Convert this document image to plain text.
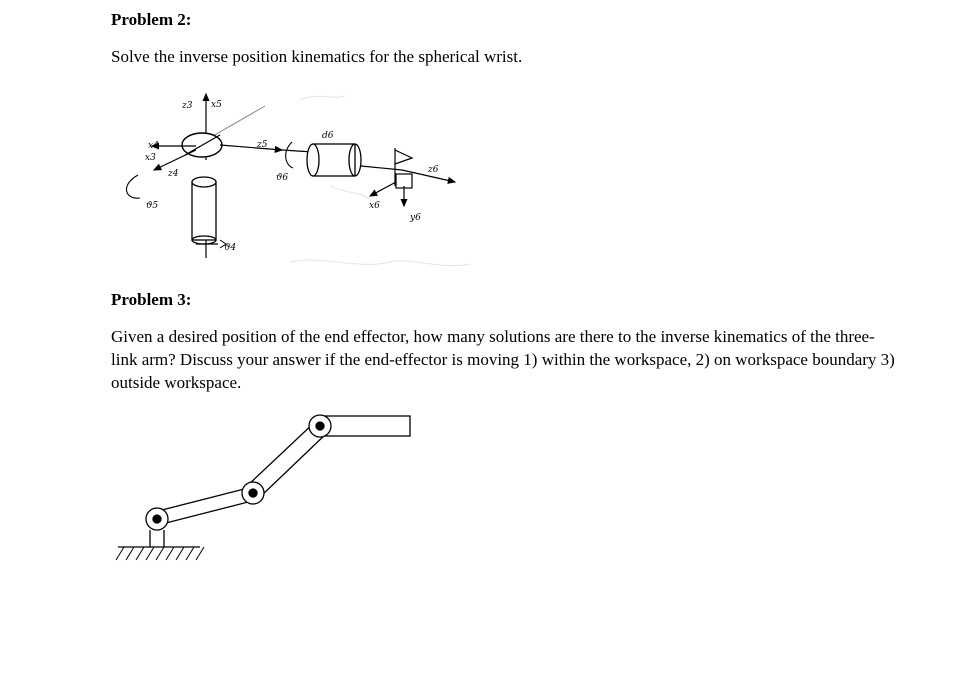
Problem 2:
Solve the inverse position kinematics for the spherical wrist.
z3 x5
x4
x3
z4
ϑ5
ϑ4
z5
ϑ6
d6
z6
x6
y6
Problem 3:
Given a desired position of the end effector, how many solutions are there to the inverse kinematics of the three-link arm? Discuss your answer if the end-effector is moving 1) within the workspace, 2) on workspace boundary 3) outside workspace.
